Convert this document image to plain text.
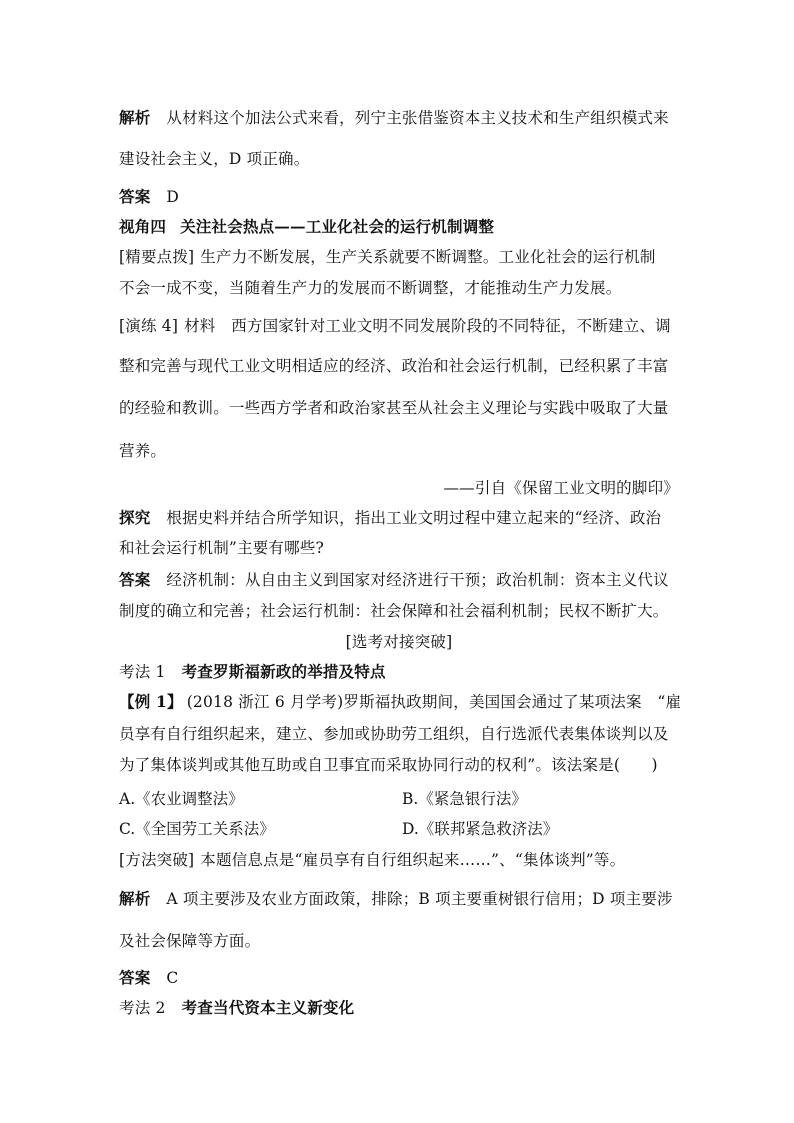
解析 从材料这个加法公式来看，列宁主张借鉴资本主义技术和生产组织模式来
建设社会主义，D 项正确。
答案 D
视角四 关注社会热点——工业化社会的运行机制调整
[精要点拨] 生产力不断发展，生产关系就要不断调整。工业化社会的运行机制
不会一成不变，当随着生产力的发展而不断调整，才能推动生产力发展。
[演练 4] 材料　西方国家针对工业文明不同发展阶段的不同特征，不断建立、调
整和完善与现代工业文明相适应的经济、政治和社会运行机制，已经积累了丰富
的经验和教训。一些西方学者和政治家甚至从社会主义理论与实践中吸取了大量
营养。
——引自《保留工业文明的脚印》
探究 根据史料并结合所学知识，指出工业文明过程中建立起来的“经济、政治
和社会运行机制”主要有哪些?
答案 经济机制：从自由主义到国家对经济进行干预；政治机制：资本主义代议
制度的确立和完善；社会运行机制：社会保障和社会福利机制；民权不断扩大。
[选考对接突破]
考法 1 考查罗斯福新政的举措及特点
【例 1】 (2018 浙江 6 月学考)罗斯福执政期间，美国国会通过了某项法案　“雇
员享有自行组织起来，建立、参加或协助劳工组织，自行选派代表集体谈判以及
为了集体谈判或其他互助或自卫事宜而采取协同行动的权利”。该法案是(　　)
A.《农业调整法》	B.《紧急银行法》
C.《全国劳工关系法》	D.《联邦紧急救济法》
[方法突破] 本题信息点是“雇员享有自行组织起来……”、“集体谈判”等。
解析 A 项主要涉及农业方面政策，排除；B 项主要重树银行信用；D 项主要涉
及社会保障等方面。
答案 C
考法 2 考查当代资本主义新变化
